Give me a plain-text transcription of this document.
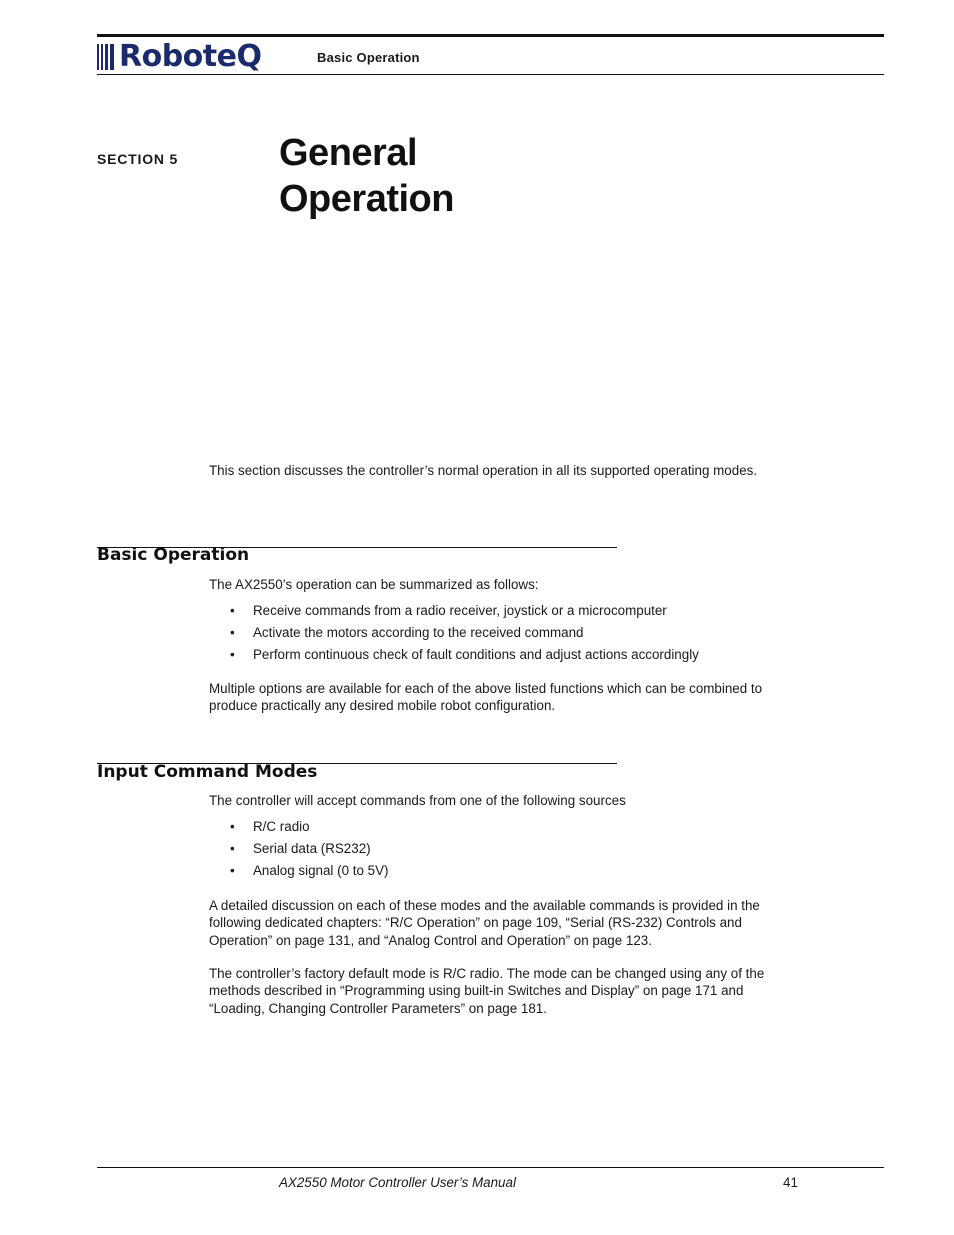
RoboteQ	Basic Operation
SECTION 5	General
Operation
This section discusses the controller’s normal operation in all its supported operating modes.
Basic Operation
The AX2550’s operation can be summarized as follows:
• Receive commands from a radio receiver, joystick or a microcomputer
• Activate the motors according to the received command
• Perform continuous check of fault conditions and adjust actions accordingly
Multiple options are available for each of the above listed functions which can be combined to produce practically any desired mobile robot configuration.
Input Command Modes
The controller will accept commands from one of the following sources
• R/C radio
• Serial data (RS232)
• Analog signal (0 to 5V)
A detailed discussion on each of these modes and the available commands is provided in the following dedicated chapters: “R/C Operation” on page 109, “Serial (RS-232) Controls and Operation” on page 131, and “Analog Control and Operation” on page 123.
The controller’s factory default mode is R/C radio. The mode can be changed using any of the methods described in “Programming using built-in Switches and Display” on page 171 and “Loading, Changing Controller Parameters” on page 181.
AX2550 Motor Controller User’s Manual	41
